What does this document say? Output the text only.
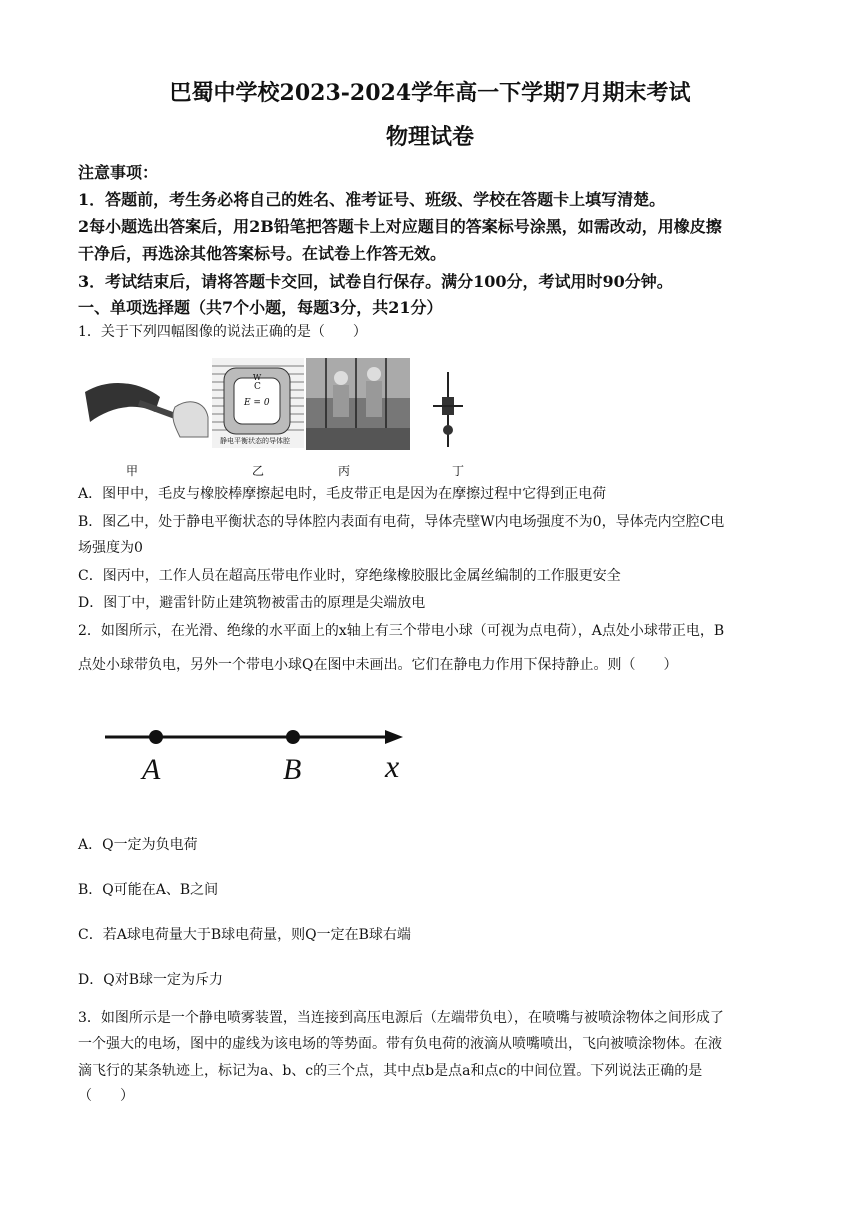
巴蜀中学校2023-2024学年高一下学期7月期末考试
物理试卷
注意事项：
1．答题前，考生务必将自己的姓名、准考证号、班级、学校在答题卡上填写清楚。
2每小题选出答案后，用2B铅笔把答题卡上对应题目的答案标号涂黑，如需改动，用橡皮擦
干净后，再选涂其他答案标号。在试卷上作答无效。
3．考试结束后，请将答题卡交回，试卷自行保存。满分100分，考试用时90分钟。
一、单项选择题（共7个小题，每题3分，共21分）
1．关于下列四幅图像的说法正确的是（　　）
甲
W
C
E = 0
静电平衡状态的导体腔
乙	丙	丁
A．图甲中，毛皮与橡胶棒摩擦起电时，毛皮带正电是因为在摩擦过程中它得到正电荷
B．图乙中，处于静电平衡状态的导体腔内表面有电荷，导体壳壁W内电场强度不为0，导体壳内空腔C电
场强度为0
C．图丙中，工作人员在超高压带电作业时，穿绝缘橡胶服比金属丝编制的工作服更安全
D．图丁中，避雷针防止建筑物被雷击的原理是尖端放电
2．如图所示，在光滑、绝缘的水平面上的x轴上有三个带电小球（可视为点电荷），A点处小球带正电，B
点处小球带负电，另外一个带电小球Q在图中未画出。它们在静电力作用下保持静止。则（　　）
A	B	x
A．Q一定为负电荷
B．Q可能在A、B之间
C．若A球电荷量大于B球电荷量，则Q一定在B球右端
D．Q对B球一定为斥力
3．如图所示是一个静电喷雾装置，当连接到高压电源后（左端带负电），在喷嘴与被喷涂物体之间形成了
一个强大的电场，图中的虚线为该电场的等势面。带有负电荷的液滴从喷嘴喷出，飞向被喷涂物体。在液
滴飞行的某条轨迹上，标记为a、b、c的三个点，其中点b是点a和点c的中间位置。下列说法正确的是
（　　）
